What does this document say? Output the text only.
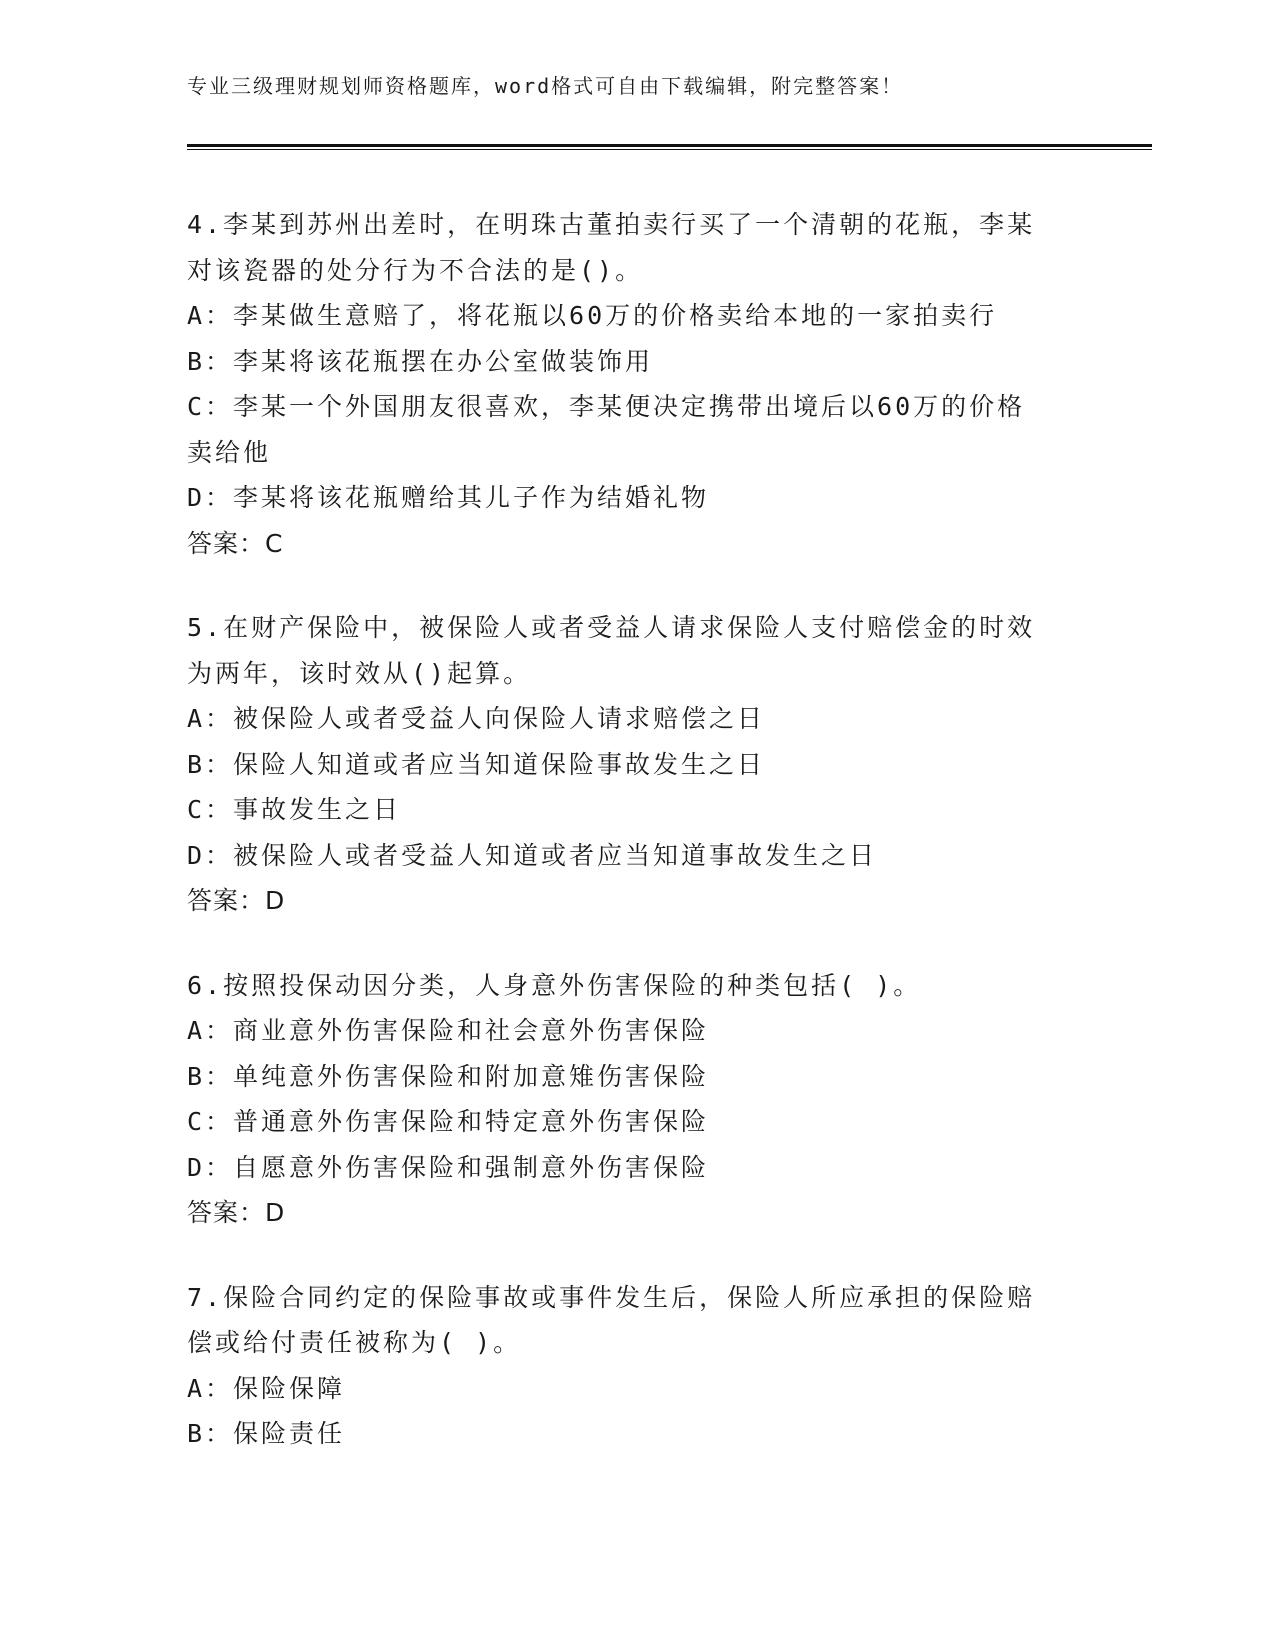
专业三级理财规划师资格题库，word格式可自由下载编辑，附完整答案！
4.李某到苏州出差时，在明珠古董拍卖行买了一个清朝的花瓶，李某
对该瓷器的处分行为不合法的是()。
A：李某做生意赔了，将花瓶以60万的价格卖给本地的一家拍卖行
B：李某将该花瓶摆在办公室做装饰用
C：李某一个外国朋友很喜欢，李某便决定携带出境后以60万的价格
卖给他
D：李某将该花瓶赠给其儿子作为结婚礼物
答案：C
5.在财产保险中，被保险人或者受益人请求保险人支付赔偿金的时效
为两年，该时效从()起算。
A：被保险人或者受益人向保险人请求赔偿之日
B：保险人知道或者应当知道保险事故发生之日
C：事故发生之日
D：被保险人或者受益人知道或者应当知道事故发生之日
答案：D
6.按照投保动因分类，人身意外伤害保险的种类包括( )。
A：商业意外伤害保险和社会意外伤害保险
B：单纯意外伤害保险和附加意雉伤害保险
C：普通意外伤害保险和特定意外伤害保险
D：自愿意外伤害保险和强制意外伤害保险
答案：D
7.保险合同约定的保险事故或事件发生后，保险人所应承担的保险赔
偿或给付责任被称为( )。
A：保险保障
B：保险责任
